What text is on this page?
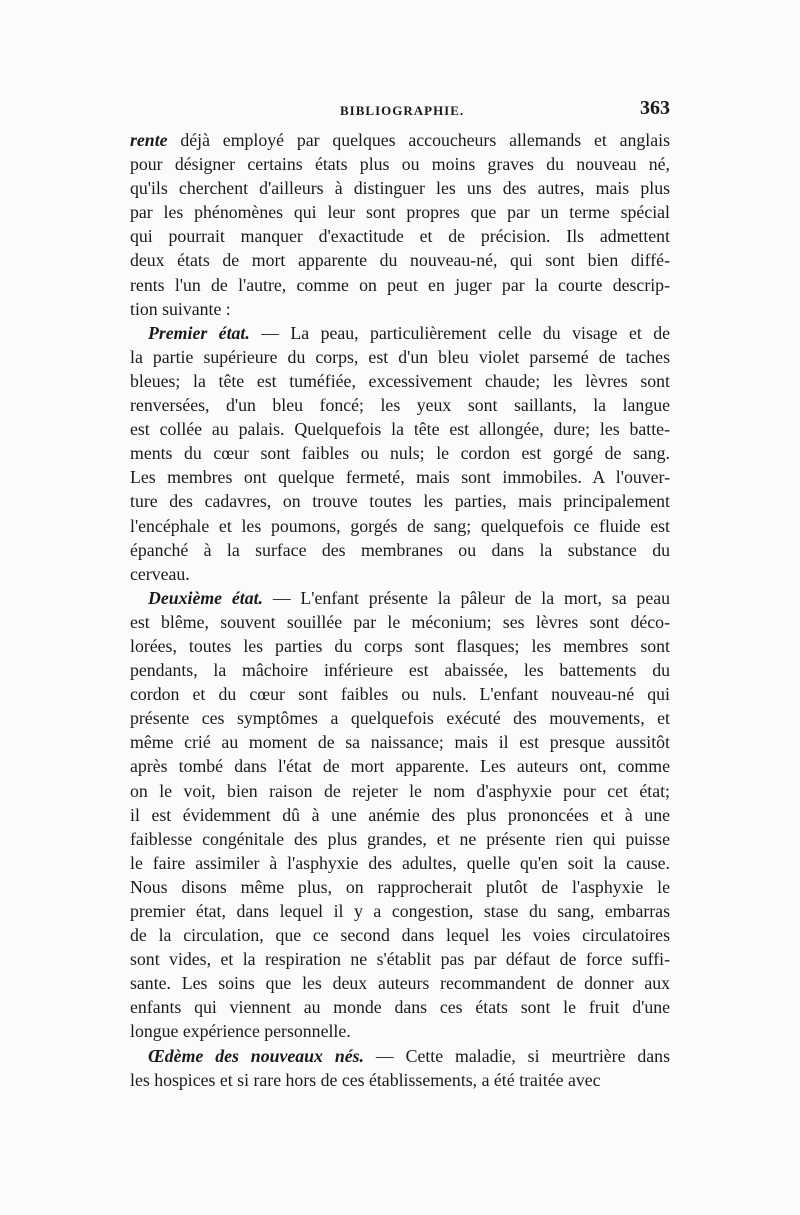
BIBLIOGRAPHIE.	363
rente déjà employé par quelques accoucheurs allemands et anglais
pour désigner certains états plus ou moins graves du nouveau né,
qu'ils cherchent d'ailleurs à distinguer les uns des autres, mais plus
par les phénomènes qui leur sont propres que par un terme spécial
qui pourrait manquer d'exactitude et de précision. Ils admettent
deux états de mort apparente du nouveau-né, qui sont bien diffé-
rents l'un de l'autre, comme on peut en juger par la courte descrip-
tion suivante :
Premier état. — La peau, particulièrement celle du visage et de
la partie supérieure du corps, est d'un bleu violet parsemé de taches
bleues; la tête est tuméfiée, excessivement chaude; les lèvres sont
renversées, d'un bleu foncé; les yeux sont saillants, la langue
est collée au palais. Quelquefois la tête est allongée, dure; les batte-
ments du cœur sont faibles ou nuls; le cordon est gorgé de sang.
Les membres ont quelque fermeté, mais sont immobiles. A l'ouver-
ture des cadavres, on trouve toutes les parties, mais principalement
l'encéphale et les poumons, gorgés de sang; quelquefois ce fluide est
épanché à la surface des membranes ou dans la substance du
cerveau.
Deuxième état. — L'enfant présente la pâleur de la mort, sa peau
est blême, souvent souillée par le méconium; ses lèvres sont déco-
lorées, toutes les parties du corps sont flasques; les membres sont
pendants, la mâchoire inférieure est abaissée, les battements du
cordon et du cœur sont faibles ou nuls. L'enfant nouveau-né qui
présente ces symptômes a quelquefois exécuté des mouvements, et
même crié au moment de sa naissance; mais il est presque aussitôt
après tombé dans l'état de mort apparente. Les auteurs ont, comme
on le voit, bien raison de rejeter le nom d'asphyxie pour cet état;
il est évidemment dû à une anémie des plus prononcées et à une
faiblesse congénitale des plus grandes, et ne présente rien qui puisse
le faire assimiler à l'asphyxie des adultes, quelle qu'en soit la cause.
Nous disons même plus, on rapprocherait plutôt de l'asphyxie le
premier état, dans lequel il y a congestion, stase du sang, embarras
de la circulation, que ce second dans lequel les voies circulatoires
sont vides, et la respiration ne s'établit pas par défaut de force suffi-
sante. Les soins que les deux auteurs recommandent de donner aux
enfants qui viennent au monde dans ces états sont le fruit d'une
longue expérience personnelle.
Œdème des nouveaux nés. — Cette maladie, si meurtrière dans
les hospices et si rare hors de ces établissements, a été traitée avec
